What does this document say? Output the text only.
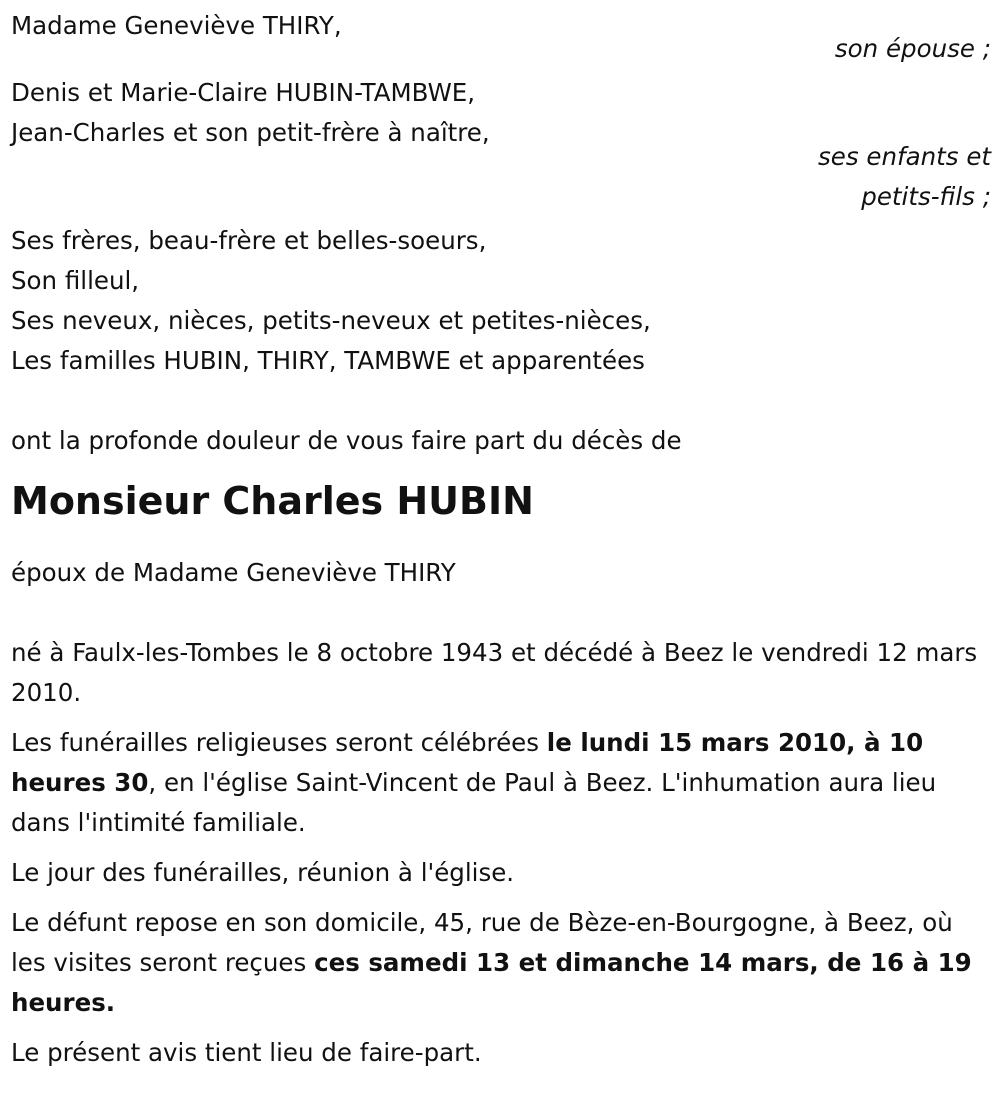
Madame Geneviève THIRY,
son épouse ;
Denis et Marie-Claire HUBIN-TAMBWE,
Jean-Charles et son petit-frère à naître,
ses enfants et
petits-fils ;
Ses frères, beau-frère et belles-soeurs,
Son filleul,
Ses neveux, nièces, petits-neveux et petites-nièces,
Les familles HUBIN, THIRY, TAMBWE et apparentées
ont la profonde douleur de vous faire part du décès de
Monsieur Charles HUBIN
époux de Madame Geneviève THIRY
né à Faulx-les-Tombes le 8 octobre 1943 et décédé à Beez le vendredi 12 mars 2010.
Les funérailles religieuses seront célébrées le lundi 15 mars 2010, à 10 heures 30, en l'église Saint-Vincent de Paul à Beez. L'inhumation aura lieu dans l'intimité familiale.
Le jour des funérailles, réunion à l'église.
Le défunt repose en son domicile, 45, rue de Bèze-en-Bourgogne, à Beez, où les visites seront reçues ces samedi 13 et dimanche 14 mars, de 16 à 19 heures.
Le présent avis tient lieu de faire-part.
